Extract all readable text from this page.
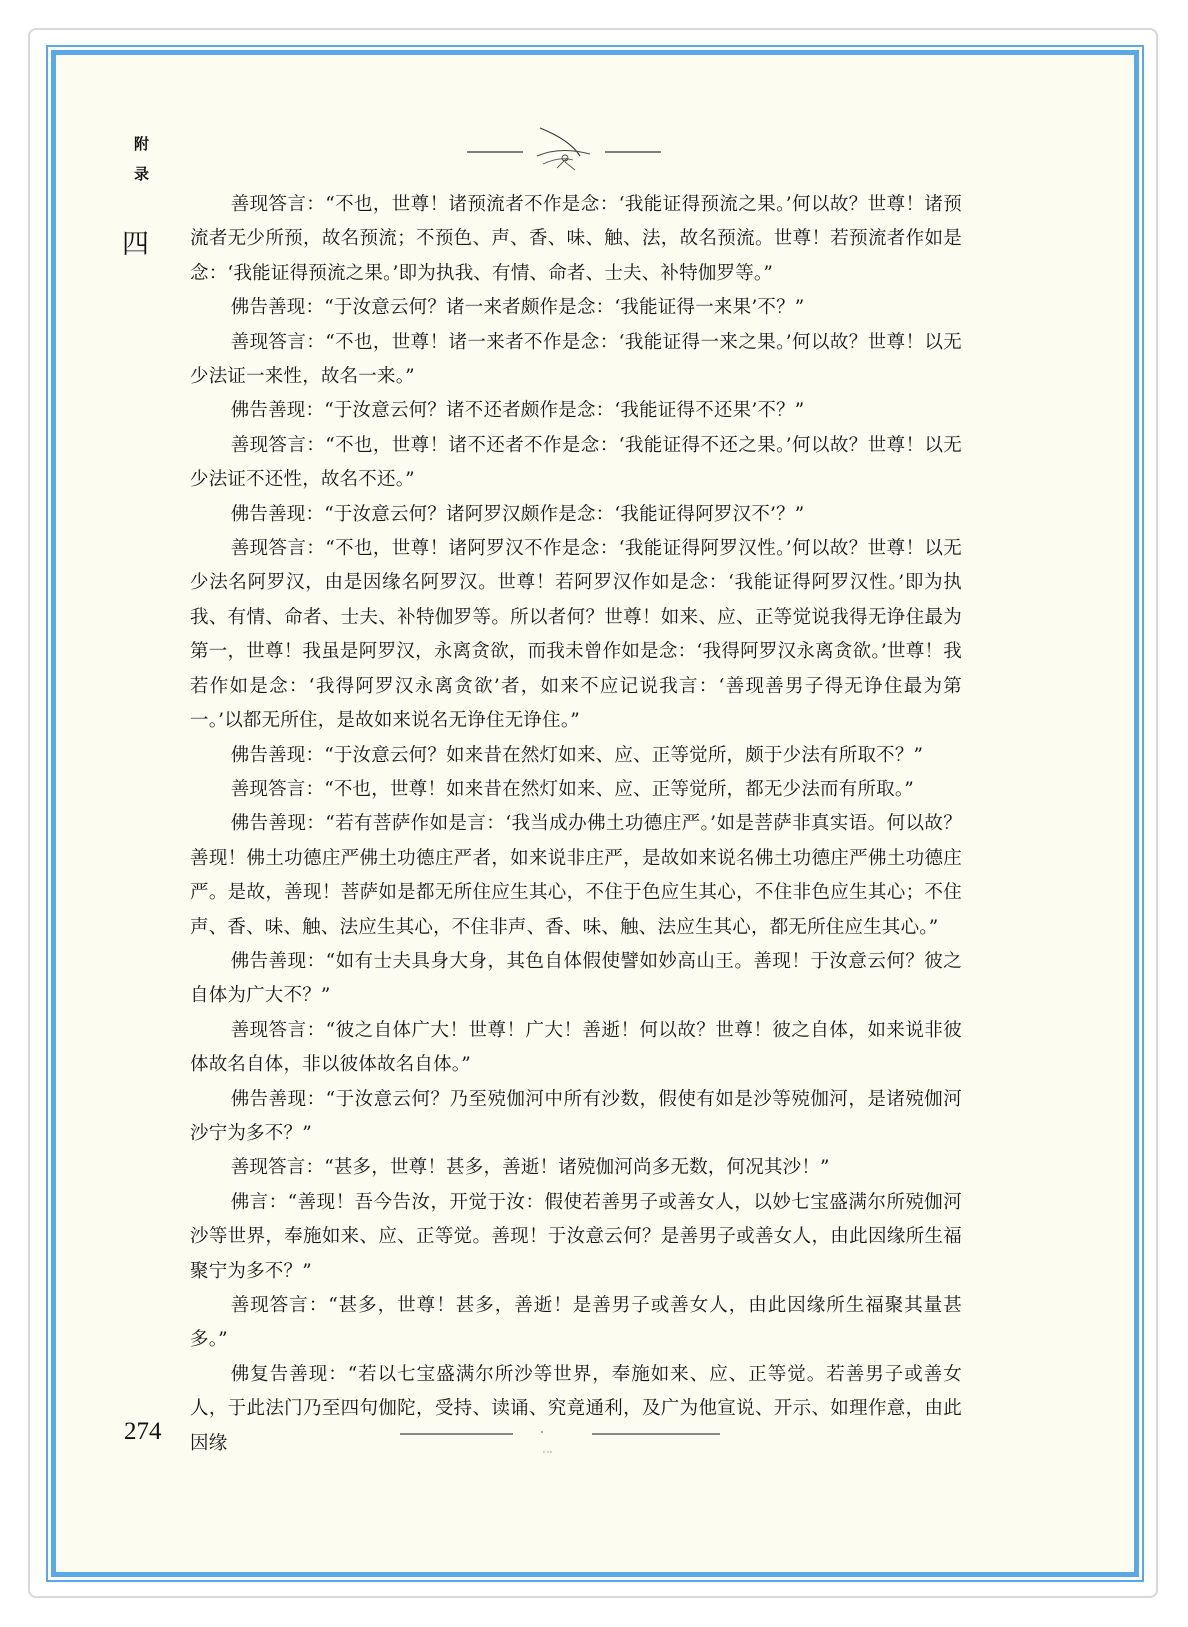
附
录
四

善现答言：“不也，世尊！诸预流者不作是念：‘我能证得预流之果。’何以故？世尊！诸预流者无少所预，故名预流；不预色、声、香、味、触、法，故名预流。世尊！若预流者作如是念：‘我能证得预流之果。’即为执我、有情、命者、士夫、补特伽罗等。”

佛告善现：“于汝意云何？诸一来者颇作是念：‘我能证得一来果’不？”

善现答言：“不也，世尊！诸一来者不作是念：‘我能证得一来之果。’何以故？世尊！以无少法证一来性，故名一来。”

佛告善现：“于汝意云何？诸不还者颇作是念：‘我能证得不还果’不？”

善现答言：“不也，世尊！诸不还者不作是念：‘我能证得不还之果。’何以故？世尊！以无少法证不还性，故名不还。”

佛告善现：“于汝意云何？诸阿罗汉颇作是念：‘我能证得阿罗汉不’？”

善现答言：“不也，世尊！诸阿罗汉不作是念：‘我能证得阿罗汉性。’何以故？世尊！以无少法名阿罗汉，由是因缘名阿罗汉。世尊！若阿罗汉作如是念：‘我能证得阿罗汉性。’即为执我、有情、命者、士夫、补特伽罗等。所以者何？世尊！如来、应、正等觉说我得无诤住最为第一，世尊！我虽是阿罗汉，永离贪欲，而我未曾作如是念：‘我得阿罗汉永离贪欲。’世尊！我若作如是念：‘我得阿罗汉永离贪欲’者，如来不应记说我言：‘善现善男子得无诤住最为第一。’以都无所住，是故如来说名无诤住无诤住。”

佛告善现：“于汝意云何？如来昔在然灯如来、应、正等觉所，颇于少法有所取不？”

善现答言：“不也，世尊！如来昔在然灯如来、应、正等觉所，都无少法而有所取。”

佛告善现：“若有菩萨作如是言：‘我当成办佛土功德庄严。’如是菩萨非真实语。何以故？善现！佛土功德庄严佛土功德庄严者，如来说非庄严，是故如来说名佛土功德庄严佛土功德庄严。是故，善现！菩萨如是都无所住应生其心，不住于色应生其心，不住非色应生其心；不住声、香、味、触、法应生其心，不住非声、香、味、触、法应生其心，都无所住应生其心。”

佛告善现：“如有士夫具身大身，其色自体假使譬如妙高山王。善现！于汝意云何？彼之自体为广大不？”

善现答言：“彼之自体广大！世尊！广大！善逝！何以故？世尊！彼之自体，如来说非彼体故名自体，非以彼体故名自体。”

佛告善现：“于汝意云何？乃至殑伽河中所有沙数，假使有如是沙等殑伽河，是诸殑伽河沙宁为多不？”

善现答言：“甚多，世尊！甚多，善逝！诸殑伽河尚多无数，何况其沙！”

佛言：“善现！吾今告汝，开觉于汝：假使若善男子或善女人，以妙七宝盛满尔所殑伽河沙等世界，奉施如来、应、正等觉。善现！于汝意云何？是善男子或善女人，由此因缘所生福聚宁为多不？”

善现答言：“甚多，世尊！甚多，善逝！是善男子或善女人，由此因缘所生福聚其量甚多。”

佛复告善现：“若以七宝盛满尔所沙等世界，奉施如来、应、正等觉。若善男子或善女人，于此法门乃至四句伽陀，受持、读诵、究竟通利，及广为他宣说、开示、如理作意，由此因缘

274
